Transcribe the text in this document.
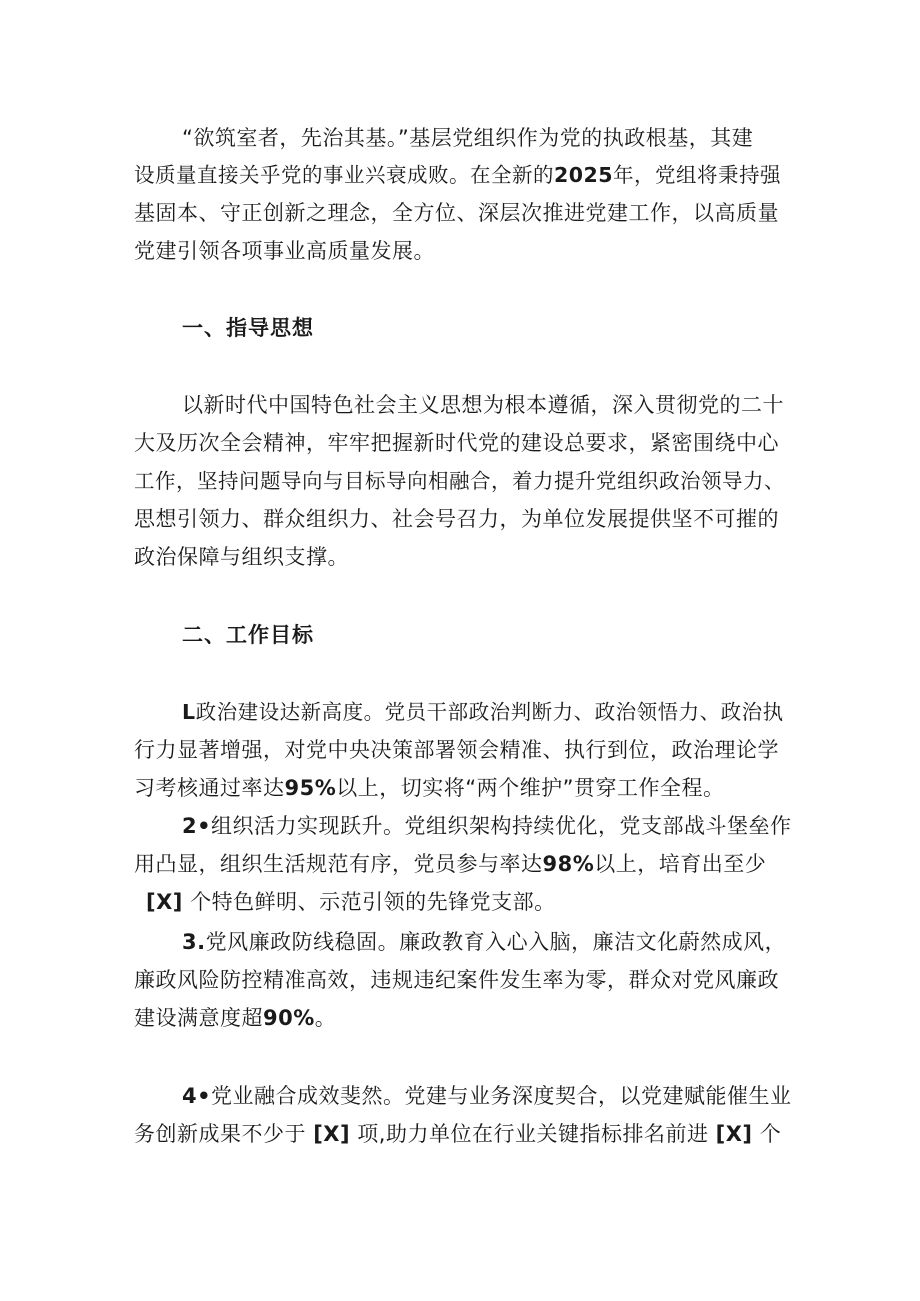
“欲筑室者，先治其基。”基层党组织作为党的执政根基，其建
设质量直接关乎党的事业兴衰成败。在全新的2025年，党组将秉持强
基固本、守正创新之理念，全方位、深层次推进党建工作，以高质量
党建引领各项事业高质量发展。
一、指导思想
以新时代中国特色社会主义思想为根本遵循，深入贯彻党的二十
大及历次全会精神，牢牢把握新时代党的建设总要求，紧密围绕中心
工作，坚持问题导向与目标导向相融合，着力提升党组织政治领导力、
思想引领力、群众组织力、社会号召力，为单位发展提供坚不可摧的
政治保障与组织支撑。
二、工作目标
L政治建设达新高度。党员干部政治判断力、政治领悟力、政治执
行力显著增强，对党中央决策部署领会精准、执行到位，政治理论学
习考核通过率达95%以上，切实将“两个维护”贯穿工作全程。
2•组织活力实现跃升。党组织架构持续优化，党支部战斗堡垒作
用凸显，组织生活规范有序，党员参与率达98%以上，培育出至少
[X] 个特色鲜明、示范引领的先锋党支部。
3.党风廉政防线稳固。廉政教育入心入脑，廉洁文化蔚然成风，
廉政风险防控精准高效，违规违纪案件发生率为零，群众对党风廉政
建设满意度超90%。
4•党业融合成效斐然。党建与业务深度契合，以党建赋能催生业
务创新成果不少于 [X] 项,助力单位在行业关键指标排名前进 [X] 个
